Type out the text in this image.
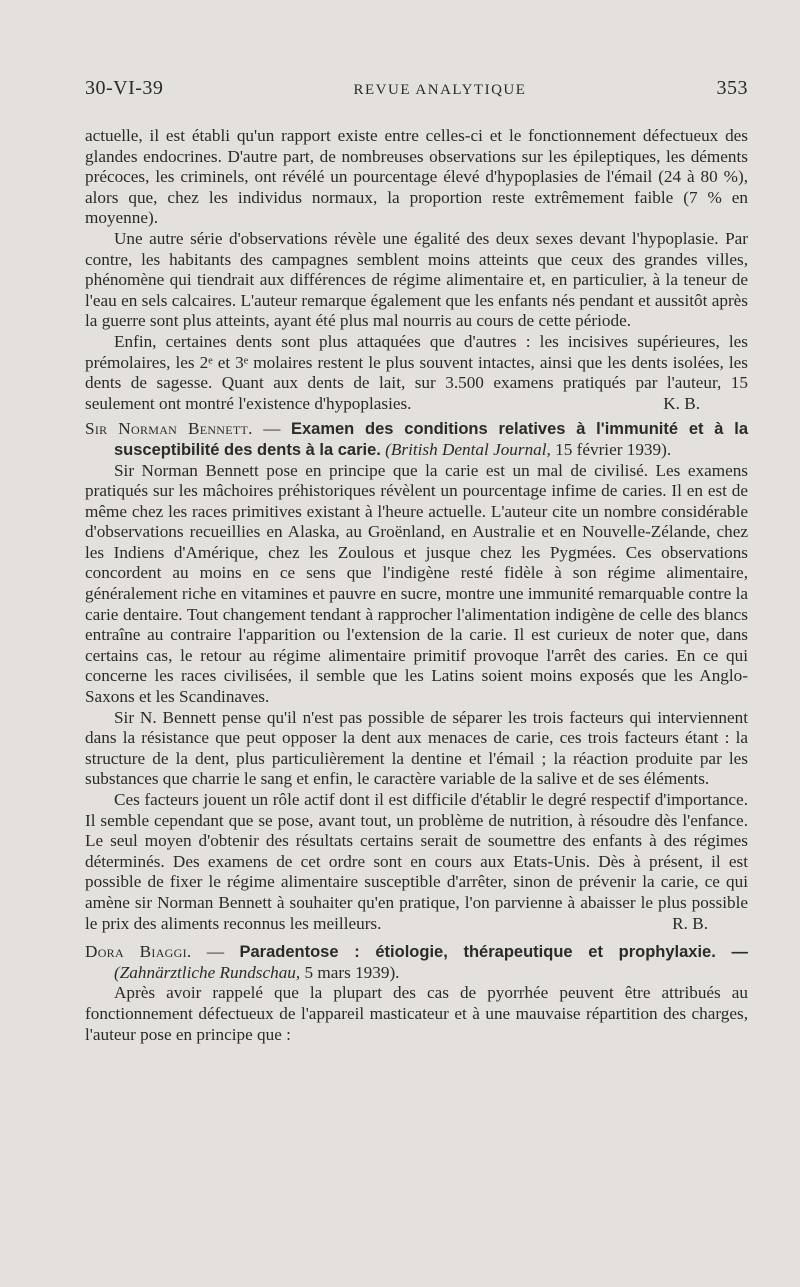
30-VI-39	REVUE ANALYTIQUE	353

actuelle, il est établi qu'un rapport existe entre celles-ci et le fonctionnement défectueux des glandes endocrines. D'autre part, de nombreuses observations sur les épileptiques, les déments précoces, les criminels, ont révélé un pourcentage élevé d'hypoplasies de l'émail (24 à 80 %), alors que, chez les individus normaux, la proportion reste extrêmement faible (7 % en moyenne).

Une autre série d'observations révèle une égalité des deux sexes devant l'hypoplasie. Par contre, les habitants des campagnes semblent moins atteints que ceux des grandes villes, phénomène qui tiendrait aux différences de régime alimentaire et, en particulier, à la teneur de l'eau en sels calcaires. L'auteur remarque également que les enfants nés pendant et aussitôt après la guerre sont plus atteints, ayant été plus mal nourris au cours de cette période.

Enfin, certaines dents sont plus attaquées que d'autres : les incisives supérieures, les prémolaires, les 2ᵉ et 3ᵉ molaires restent le plus souvent intactes, ainsi que les dents isolées, les dents de sagesse. Quant aux dents de lait, sur 3.500 examens pratiqués par l'auteur, 15 seulement ont montré l'existence d'hypoplasies.	K. B.

Sir Norman Bennett. — Examen des conditions relatives à l'immunité et à la susceptibilité des dents à la carie. (British Dental Journal, 15 février 1939).

Sir Norman Bennett pose en principe que la carie est un mal de civilisé. Les examens pratiqués sur les mâchoires préhistoriques révèlent un pourcentage infime de caries. Il en est de même chez les races primitives existant à l'heure actuelle. L'auteur cite un nombre considérable d'observations recueillies en Alaska, au Groënland, en Australie et en Nouvelle-Zélande, chez les Indiens d'Amérique, chez les Zoulous et jusque chez les Pygmées. Ces observations concordent au moins en ce sens que l'indigène resté fidèle à son régime alimentaire, généralement riche en vitamines et pauvre en sucre, montre une immunité remarquable contre la carie dentaire. Tout changement tendant à rapprocher l'alimentation indigène de celle des blancs entraîne au contraire l'apparition ou l'extension de la carie. Il est curieux de noter que, dans certains cas, le retour au régime alimentaire primitif provoque l'arrêt des caries. En ce qui concerne les races civilisées, il semble que les Latins soient moins exposés que les Anglo-Saxons et les Scandinaves.

Sir N. Bennett pense qu'il n'est pas possible de séparer les trois facteurs qui interviennent dans la résistance que peut opposer la dent aux menaces de carie, ces trois facteurs étant : la structure de la dent, plus particulièrement la dentine et l'émail ; la réaction produite par les substances que charrie le sang et enfin, le caractère variable de la salive et de ses éléments.

Ces facteurs jouent un rôle actif dont il est difficile d'établir le degré respectif d'importance. Il semble cependant que se pose, avant tout, un problème de nutrition, à résoudre dès l'enfance. Le seul moyen d'obtenir des résultats certains serait de soumettre des enfants à des régimes déterminés. Des examens de cet ordre sont en cours aux Etats-Unis. Dès à présent, il est possible de fixer le régime alimentaire susceptible d'arrêter, sinon de prévenir la carie, ce qui amène sir Norman Bennett à souhaiter qu'en pratique, l'on parvienne à abaisser le plus possible le prix des aliments reconnus les meilleurs.	R. B.

Dora Biaggi. — Paradentose : étiologie, thérapeutique et prophylaxie. — (Zahnärztliche Rundschau, 5 mars 1939).

Après avoir rappelé que la plupart des cas de pyorrhée peuvent être attribués au fonctionnement défectueux de l'appareil masticateur et à une mauvaise répartition des charges, l'auteur pose en principe que :
